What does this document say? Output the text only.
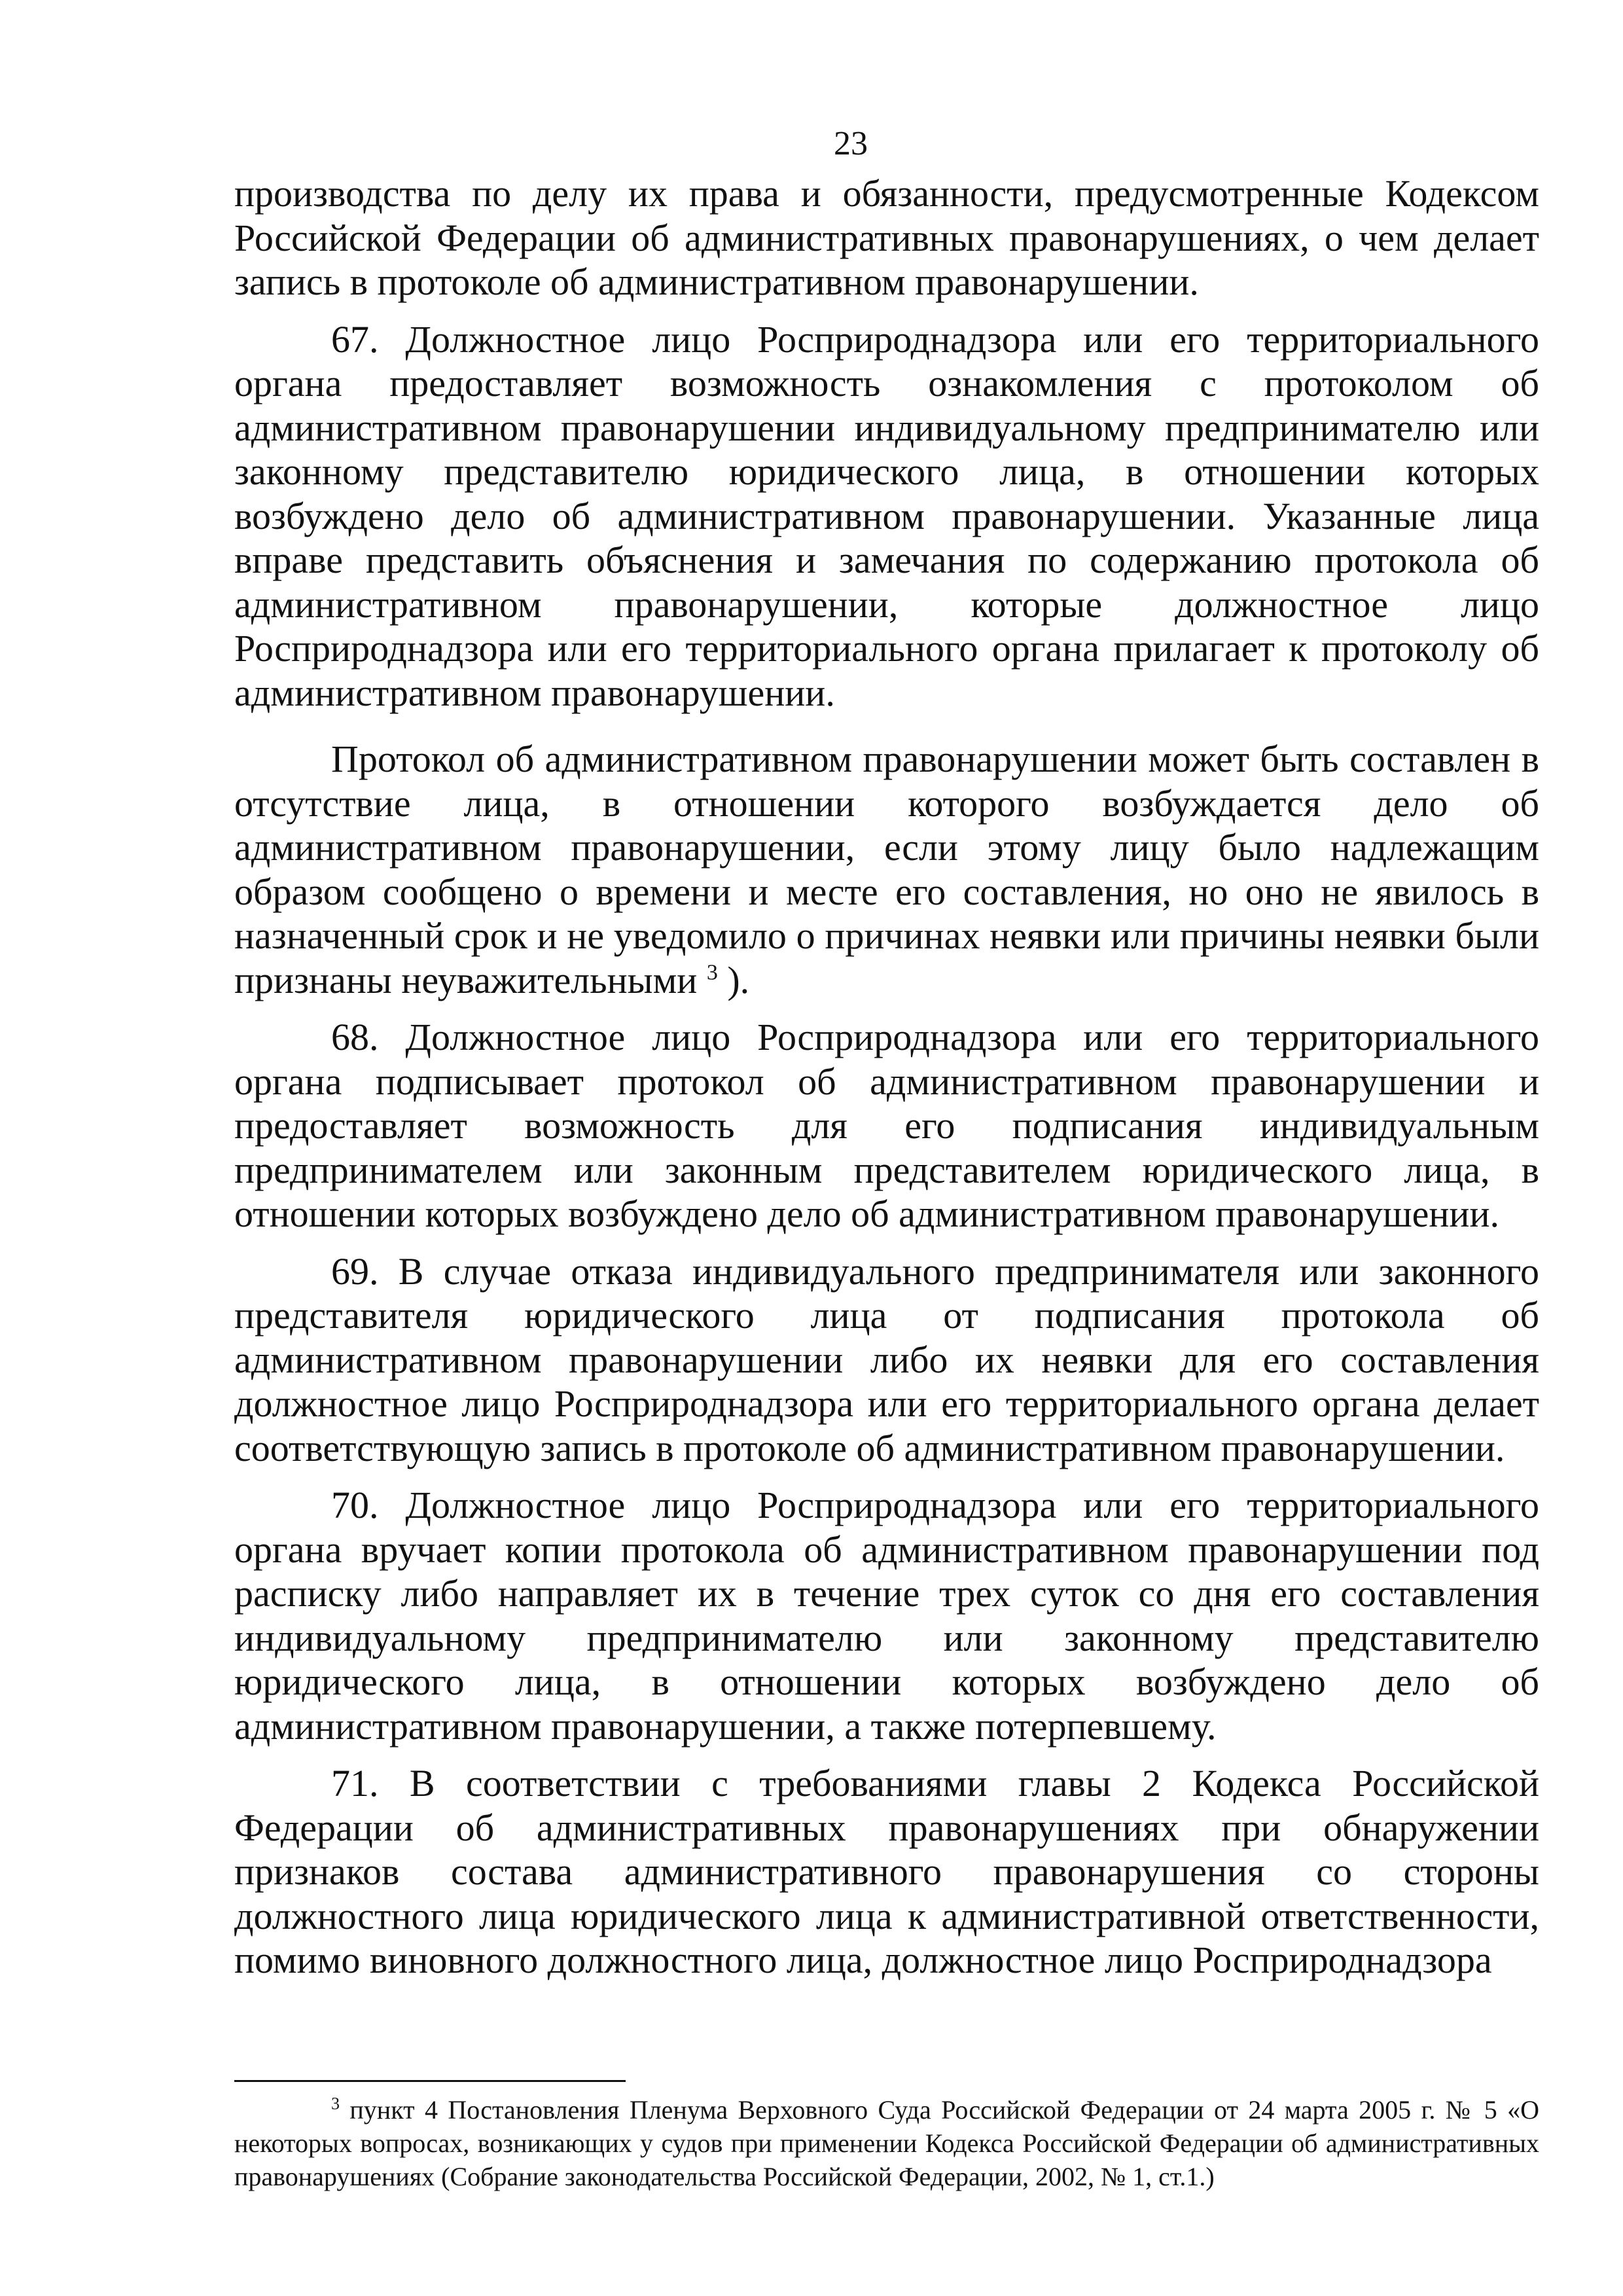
23

производства по делу их права и обязанности, предусмотренные Кодексом Российской Федерации об административных правонарушениях, о чем делает запись в протоколе об административном правонарушении.

67. Должностное лицо Росприроднадзора или его территориального органа предоставляет возможность ознакомления с протоколом об административном правонарушении индивидуальному предпринимателю или законному представителю юридического лица, в отношении которых возбуждено дело об административном правонарушении. Указанные лица вправе представить объяснения и замечания по содержанию протокола об административном правонарушении, которые должностное лицо Росприроднадзора или его территориального органа прилагает к протоколу об административном правонарушении.

Протокол об административном правонарушении может быть составлен в отсутствие лица, в отношении которого возбуждается дело об административном правонарушении, если этому лицу было надлежащим образом сообщено о времени и месте его составления, но оно не явилось в назначенный срок и не уведомило о причинах неявки или причины неявки были признаны неуважительными $^3$ ).

68. Должностное лицо Росприроднадзора или его территориального органа подписывает протокол об административном правонарушении и предоставляет возможность для его подписания индивидуальным предпринимателем или законным представителем юридического лица, в отношении которых возбуждено дело об административном правонарушении.

69. В случае отказа индивидуального предпринимателя или законного представителя юридического лица от подписания протокола об административном правонарушении либо их неявки для его составления должностное лицо Росприроднадзора или его территориального органа делает соответствующую запись в протоколе об административном правонарушении.

70. Должностное лицо Росприроднадзора или его территориального органа вручает копии протокола об административном правонарушении под расписку либо направляет их в течение трех суток со дня его составления индивидуальному предпринимателю или законному представителю юридического лица, в отношении которых возбуждено дело об административном правонарушении, а также потерпевшему.

71. В соответствии с требованиями главы 2 Кодекса Российской Федерации об административных правонарушениях при обнаружении признаков состава административного правонарушения со стороны должностного лица юридического лица к административной ответственности, помимо виновного должностного лица, должностное лицо Росприроднадзора

$^3$ пункт 4 Постановления Пленума Верховного Суда Российской Федерации от 24 марта 2005 г. № 5 «О некоторых вопросах, возникающих у судов при применении Кодекса Российской Федерации об административных правонарушениях (Собрание законодательства Российской Федерации, 2002, № 1, ст.1.)
